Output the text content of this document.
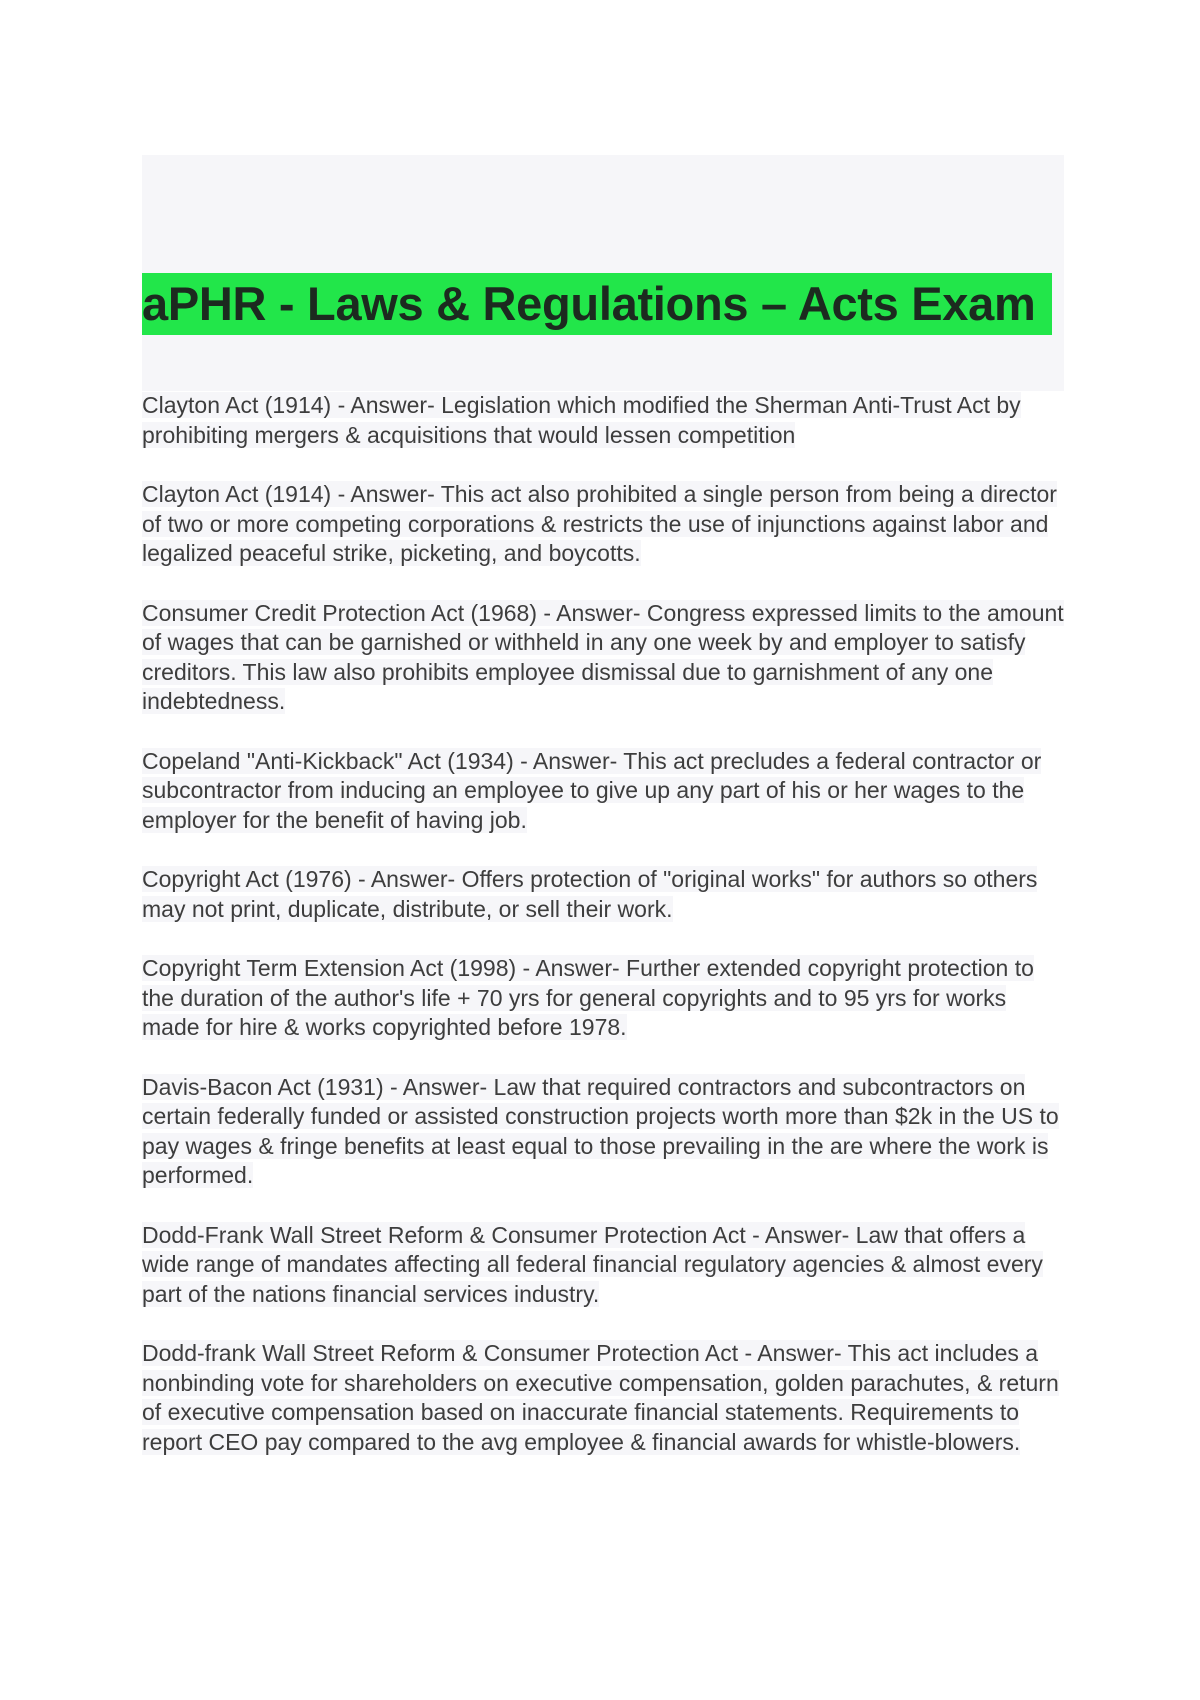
aPHR - Laws & Regulations – Acts Exam

Clayton Act (1914) - Answer- Legislation which modified the Sherman Anti-Trust Act by prohibiting mergers & acquisitions that would lessen competition

Clayton Act (1914) - Answer- This act also prohibited a single person from being a director of two or more competing corporations & restricts the use of injunctions against labor and legalized peaceful strike, picketing, and boycotts.

Consumer Credit Protection Act (1968) - Answer- Congress expressed limits to the amount of wages that can be garnished or withheld in any one week by and employer to satisfy creditors. This law also prohibits employee dismissal due to garnishment of any one indebtedness.

Copeland "Anti-Kickback" Act (1934) - Answer- This act precludes a federal contractor or subcontractor from inducing an employee to give up any part of his or her wages to the employer for the benefit of having job.

Copyright Act (1976) - Answer- Offers protection of "original works" for authors so others may not print, duplicate, distribute, or sell their work.

Copyright Term Extension Act (1998) - Answer- Further extended copyright protection to the duration of the author's life + 70 yrs for general copyrights and to 95 yrs for works made for hire & works copyrighted before 1978.

Davis-Bacon Act (1931) - Answer- Law that required contractors and subcontractors on certain federally funded or assisted construction projects worth more than $2k in the US to pay wages & fringe benefits at least equal to those prevailing in the are where the work is performed.

Dodd-Frank Wall Street Reform & Consumer Protection Act - Answer- Law that offers a wide range of mandates affecting all federal financial regulatory agencies & almost every part of the nations financial services industry.

Dodd-frank Wall Street Reform & Consumer Protection Act - Answer- This act includes a nonbinding vote for shareholders on executive compensation, golden parachutes, & return of executive compensation based on inaccurate financial statements. Requirements to report CEO pay compared to the avg employee & financial awards for whistle-blowers.
